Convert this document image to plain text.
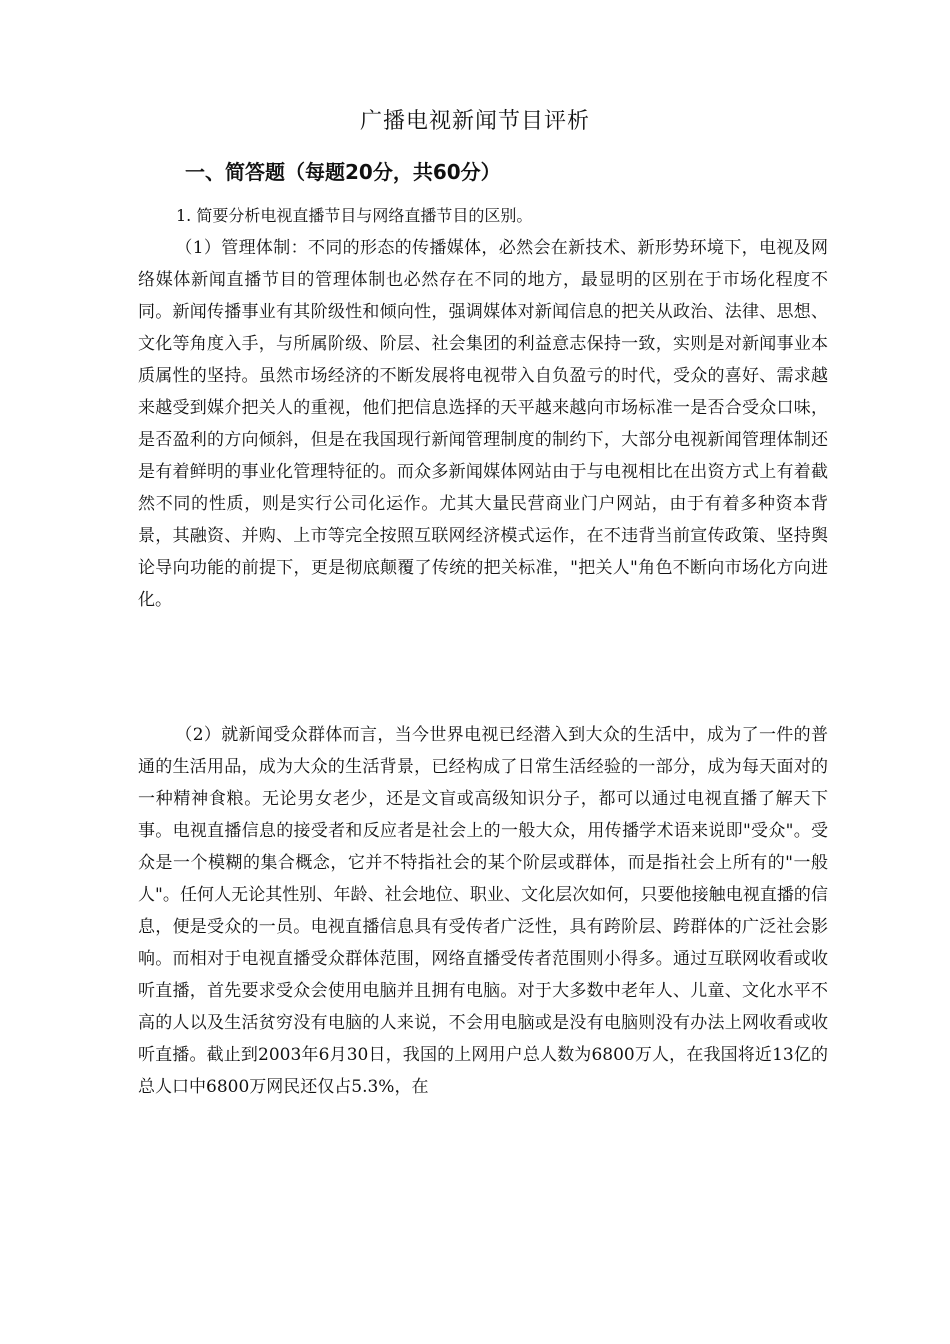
广播电视新闻节目评析
一、简答题（每题20分，共60分）

1. 简要分析电视直播节目与网络直播节目的区别。

（1）管理体制：不同的形态的传播媒体，必然会在新技术、新形势环境下，电视及网络媒体新闻直播节目的管理体制也必然存在不同的地方，最显明的区别在于市场化程度不同。新闻传播事业有其阶级性和倾向性，强调媒体对新闻信息的把关从政治、法律、思想、文化等角度入手，与所属阶级、阶层、社会集团的利益意志保持一致，实则是对新闻事业本质属性的坚持。虽然市场经济的不断发展将电视带入自负盈亏的时代，受众的喜好、需求越来越受到媒介把关人的重视，他们把信息选择的天平越来越向市场标准一是否合受众口味，是否盈利的方向倾斜，但是在我国现行新闻管理制度的制约下，大部分电视新闻管理体制还是有着鲜明的事业化管理特征的。而众多新闻媒体网站由于与电视相比在出资方式上有着截然不同的性质，则是实行公司化运作。尤其大量民营商业门户网站，由于有着多种资本背景，其融资、并购、上市等完全按照互联网经济模式运作，在不违背当前宣传政策、坚持舆论导向功能的前提下，更是彻底颠覆了传统的把关标准，"把关人"角色不断向市场化方向进化。

（2）就新闻受众群体而言，当今世界电视已经潜入到大众的生活中，成为了一件的普通的生活用品，成为大众的生活背景，已经构成了日常生活经验的一部分，成为每天面对的一种精神食粮。无论男女老少，还是文盲或高级知识分子，都可以通过电视直播了解天下事。电视直播信息的接受者和反应者是社会上的一般大众，用传播学术语来说即"受众"。受众是一个模糊的集合概念，它并不特指社会的某个阶层或群体，而是指社会上所有的"一般人"。任何人无论其性别、年龄、社会地位、职业、文化层次如何，只要他接触电视直播的信息，便是受众的一员。电视直播信息具有受传者广泛性，具有跨阶层、跨群体的广泛社会影响。而相对于电视直播受众群体范围，网络直播受传者范围则小得多。通过互联网收看或收听直播，首先要求受众会使用电脑并且拥有电脑。对于大多数中老年人、儿童、文化水平不高的人以及生活贫穷没有电脑的人来说，不会用电脑或是没有电脑则没有办法上网收看或收听直播。截止到2003年6月30日，我国的上网用户总人数为6800万人，在我国将近13亿的总人口中6800万网民还仅占5.3%，在
